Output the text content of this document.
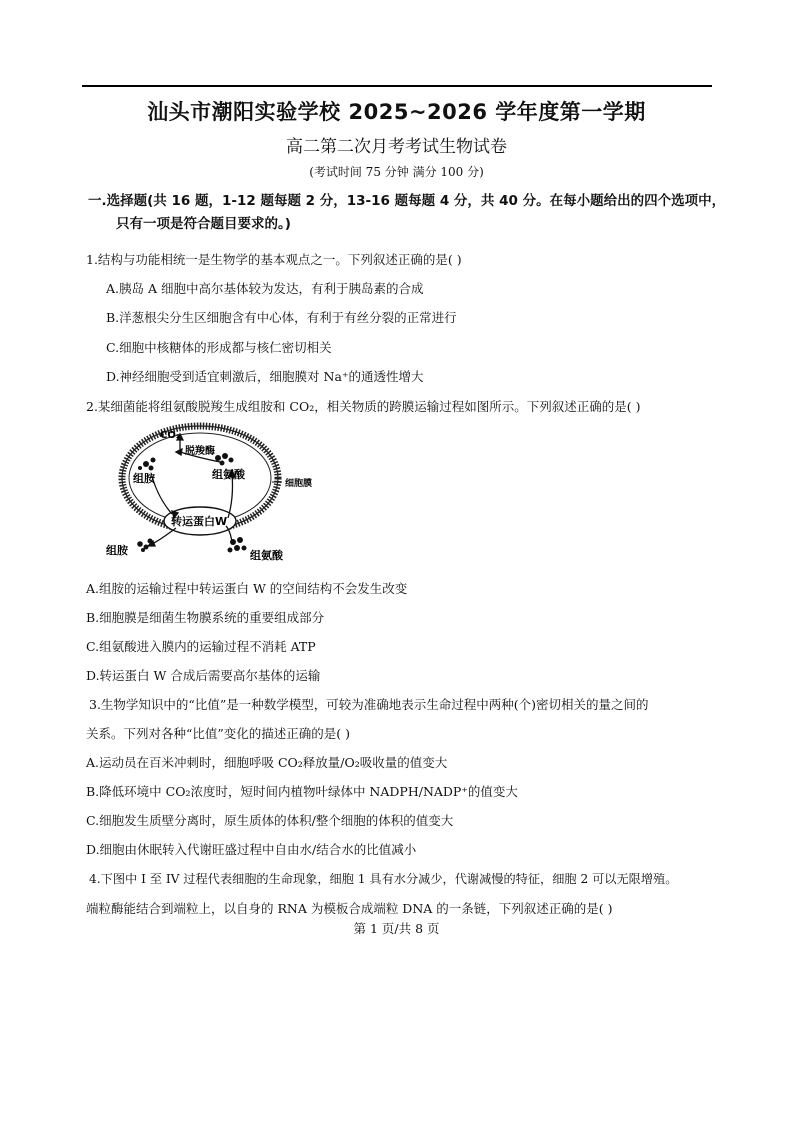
汕头市潮阳实验学校 2025~2026 学年度第一学期
高二第二次月考考试生物试卷
(考试时间 75 分钟 满分 100 分)
一.选择题(共 16 题，1-12 题每题 2 分，13-16 题每题 4 分，共 40 分。在每小题给出的四个选项中，
只有一项是符合题目要求的。)
1.结构与功能相统一是生物学的基本观点之一。下列叙述正确的是( )
A.胰岛 A 细胞中高尔基体较为发达，有利于胰岛素的合成
B.洋葱根尖分生区细胞含有中心体，有利于有丝分裂的正常进行
C.细胞中核糖体的形成都与核仁密切相关
D.神经细胞受到适宜刺激后，细胞膜对 Na⁺的通透性增大
2.某细菌能将组氨酸脱羧生成组胺和 CO₂，相关物质的跨膜运输过程如图所示。下列叙述正确的是( )
CO₂
脱羧酶
组胺	组氨酸
细胞膜
转运蛋白W
组胺	组氨酸
A.组胺的运输过程中转运蛋白 W 的空间结构不会发生改变
B.细胞膜是细菌生物膜系统的重要组成部分
C.组氨酸进入膜内的运输过程不消耗 ATP
D.转运蛋白 W 合成后需要高尔基体的运输
3.生物学知识中的“比值”是一种数学模型，可较为准确地表示生命过程中两种(个)密切相关的量之间的
关系。下列对各种“比值”变化的描述正确的是( )
A.运动员在百米冲刺时，细胞呼吸 CO₂释放量/O₂吸收量的值变大
B.降低环境中 CO₂浓度时，短时间内植物叶绿体中 NADPH/NADP⁺的值变大
C.细胞发生质壁分离时，原生质体的体积/整个细胞的体积的值变大
D.细胞由休眠转入代谢旺盛过程中自由水/结合水的比值减小
4.下图中 I 至 IV 过程代表细胞的生命现象，细胞 1 具有水分减少，代谢减慢的特征，细胞 2 可以无限增殖。
端粒酶能结合到端粒上，以自身的 RNA 为模板合成端粒 DNA 的一条链，下列叙述正确的是( )
第 1 页/共 8 页
